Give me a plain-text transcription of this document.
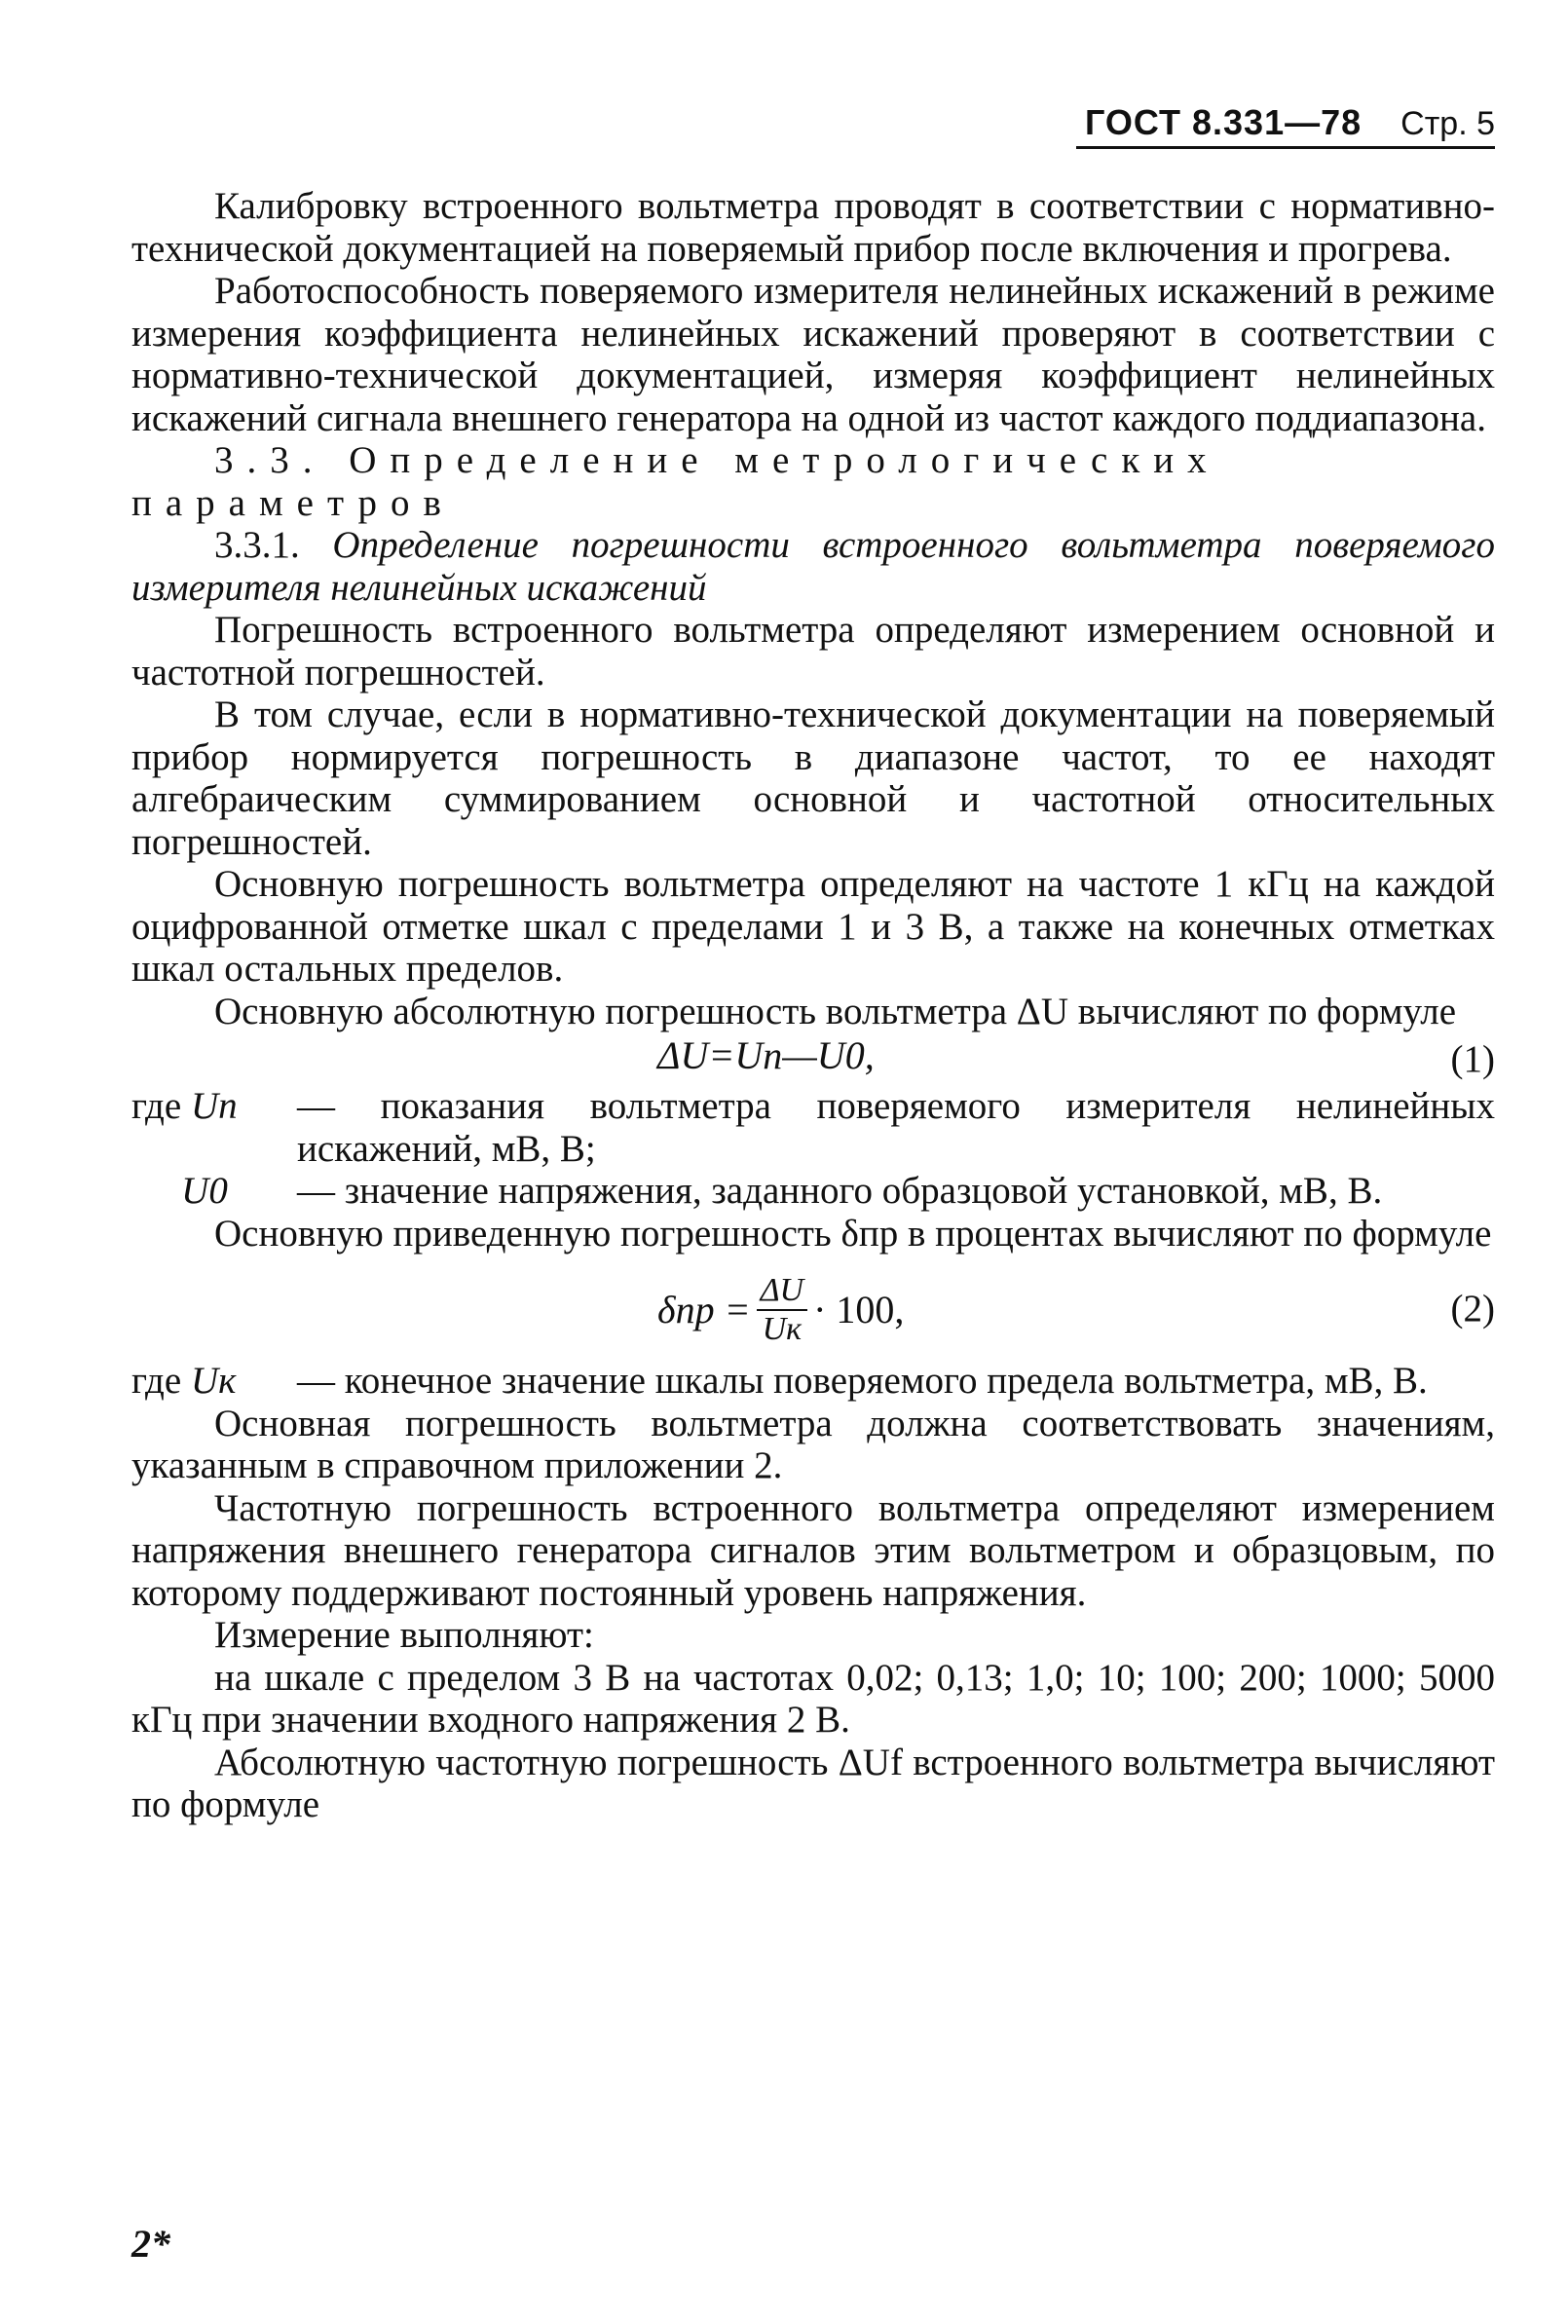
ГОСТ 8.331—78 Стр. 5

Калибровку встроенного вольтметра проводят в соответствии с нормативно-технической документацией на поверяемый прибор после включения и прогрева.

Работоспособность поверяемого измерителя нелинейных искажений в режиме измерения коэффициента нелинейных искажений проверяют в соответствии с нормативно-технической документацией, измеряя коэффициент нелинейных искажений сигнала внешнего генератора на одной из частот каждого поддиапазона.

3.3. Определение метрологических параметров

3.3.1. Определение погрешности встроенного вольтметра поверяемого измерителя нелинейных искажений

Погрешность встроенного вольтметра определяют измерением основной и частотной погрешностей.

В том случае, если в нормативно-технической документации на поверяемый прибор нормируется погрешность в диапазоне частот, то ее находят алгебраическим суммированием основной и частотной относительных погрешностей.

Основную погрешность вольтметра определяют на частоте 1 кГц на каждой оцифрованной отметке шкал с пределами 1 и 3 В, а также на конечных отметках шкал остальных пределов.

Основную абсолютную погрешность вольтметра ΔU вычисляют по формуле

ΔU=Uп—U0,	(1)
где Uп	— показания вольтметра поверяемого измерителя нелинейных искажений, мВ, В;
U0	— значение напряжения, заданного образцовой установкой, мВ, В.

Основную приведенную погрешность δпр в процентах вычисляют по формуле

$\delta пр = \frac{\Delta U}{Uк} \cdot 100$,	(2)
где Uк	— конечное значение шкалы поверяемого предела вольтметра, мВ, В.

Основная погрешность вольтметра должна соответствовать значениям, указанным в справочном приложении 2.

Частотную погрешность встроенного вольтметра определяют измерением напряжения внешнего генератора сигналов этим вольтметром и образцовым, по которому поддерживают постоянный уровень напряжения.

Измерение выполняют:

на шкале с пределом 3 В на частотах 0,02; 0,13; 1,0; 10; 100; 200; 1000; 5000 кГц при значении входного напряжения 2 В.

Абсолютную частотную погрешность ΔUf встроенного вольтметра вычисляют по формуле

2*
